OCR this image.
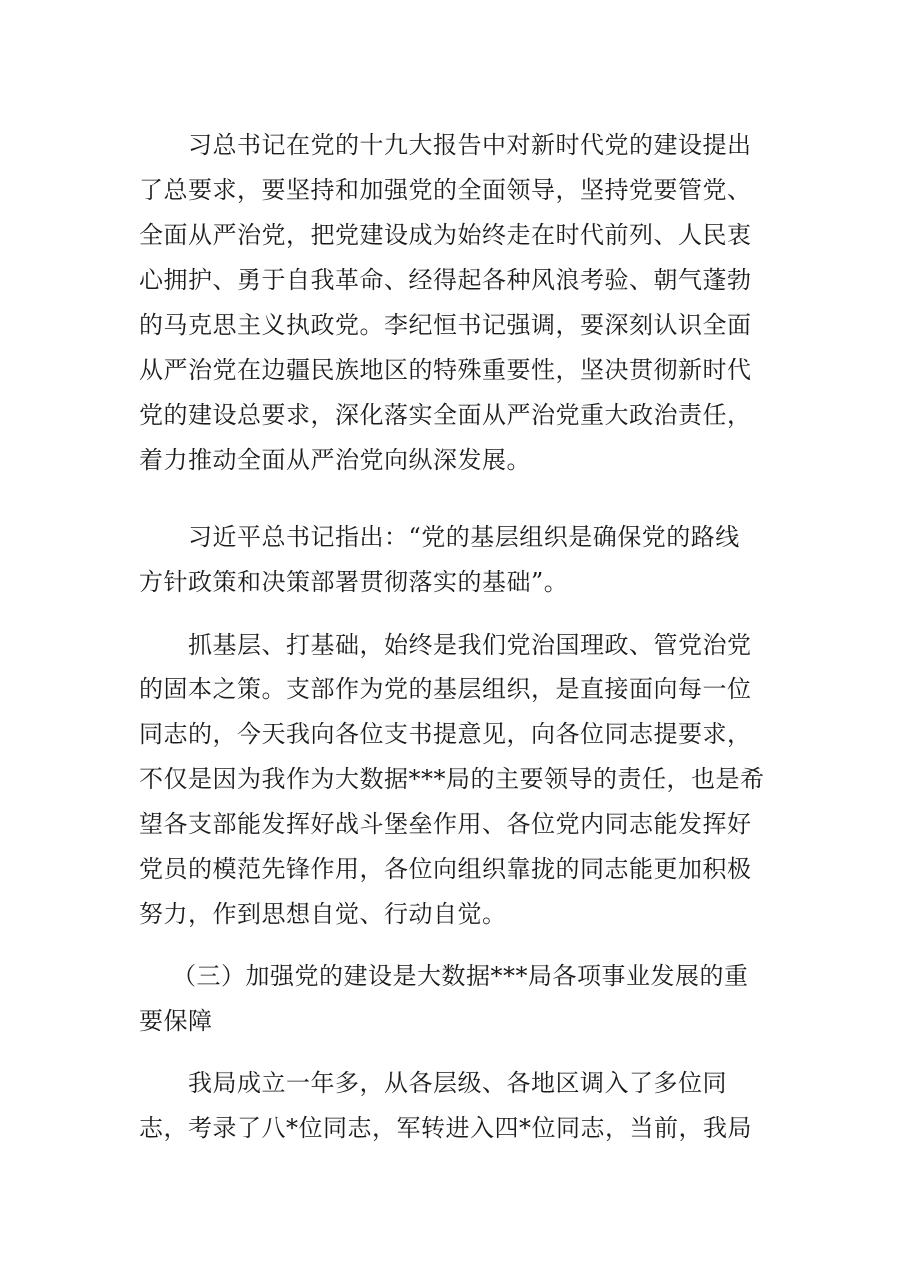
习总书记在党的十九大报告中对新时代党的建设提出
了总要求，要坚持和加强党的全面领导，坚持党要管党、
全面从严治党，把党建设成为始终走在时代前列、人民衷
心拥护、勇于自我革命、经得起各种风浪考验、朝气蓬勃
的马克思主义执政党。李纪恒书记强调，要深刻认识全面
从严治党在边疆民族地区的特殊重要性，坚决贯彻新时代
党的建设总要求，深化落实全面从严治党重大政治责任，
着力推动全面从严治党向纵深发展。
习近平总书记指出：“党的基层组织是确保党的路线
方针政策和决策部署贯彻落实的基础”。
抓基层、打基础，始终是我们党治国理政、管党治党
的固本之策。支部作为党的基层组织，是直接面向每一位
同志的，今天我向各位支书提意见，向各位同志提要求，
不仅是因为我作为大数据***局的主要领导的责任，也是希
望各支部能发挥好战斗堡垒作用、各位党内同志能发挥好
党员的模范先锋作用，各位向组织靠拢的同志能更加积极
努力，作到思想自觉、行动自觉。
（三）加强党的建设是大数据***局各项事业发展的重
要保障
我局成立一年多，从各层级、各地区调入了多位同
志，考录了八*位同志，军转进入四*位同志，当前，我局
